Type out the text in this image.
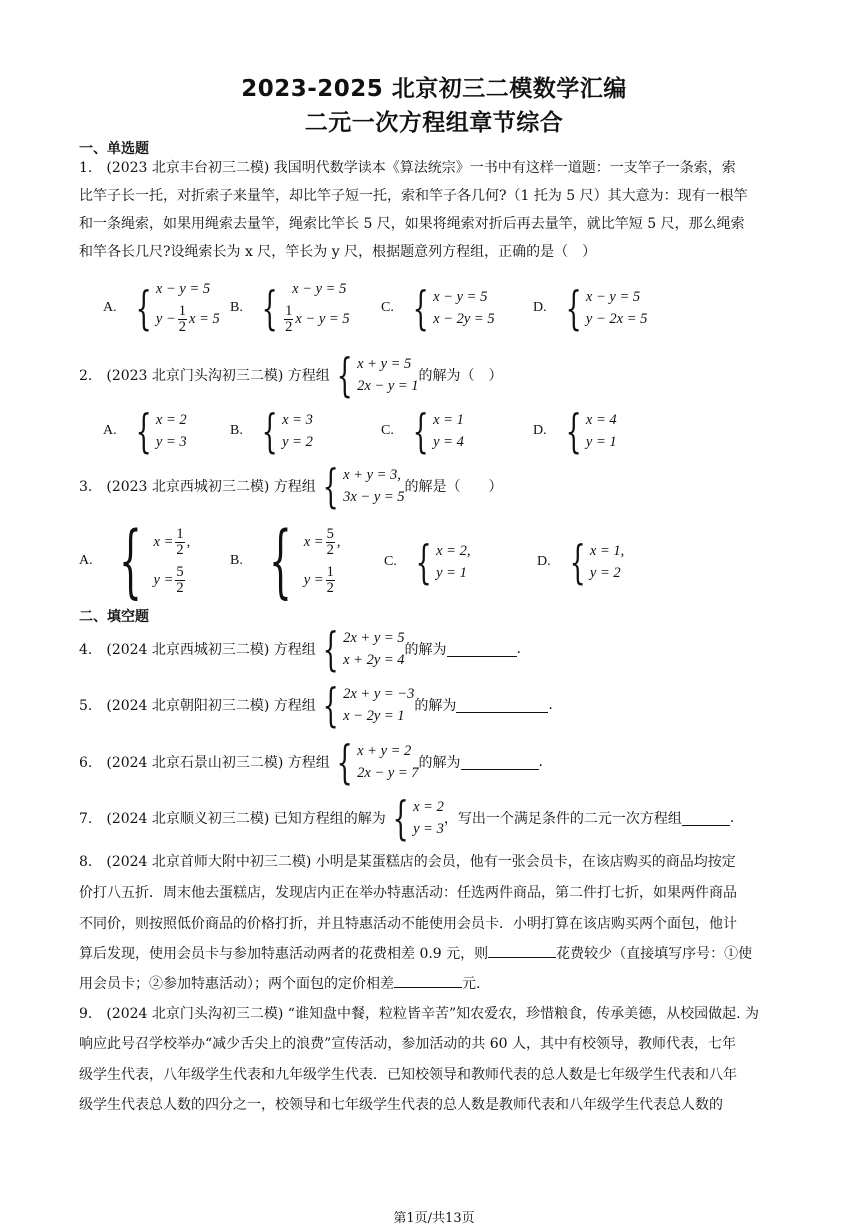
2023-2025 北京初三二模数学汇编
二元一次方程组章节综合
一、单选题
1.　(2023 北京丰台初三二模) 我国明代数学读本《算法统宗》一书中有这样一道题：一支竿子一条索，索
比竿子长一托，对折索子来量竿，却比竿子短一托，索和竿子各几何?（1 托为 5 尺）其大意为：现有一根竿
和一条绳索，如果用绳索去量竿，绳索比竿长 5 尺，如果将绳索对折后再去量竿，就比竿短 5 尺，那么绳索
和竿各长几尺?设绳索长为 x 尺，竿长为 y 尺，根据题意列方程组，正确的是（　）
A. { x − y = 5
$y - \frac{1}{2}$ x = 5
B. {	x − y = 5
$\frac{1}{2}$ x − y = 5
C. { x − y = 5
x − 2y = 5
D. { x − y = 5
y − 2x = 5
2.　(2023 北京门头沟初三二模) 方程组 { x + y = 5
2x − y = 1
的解为（　）
A. { x = 2
y = 3
B. { x = 3
y = 2
C. { x = 1
y = 4
D. { x = 4
y = 1
3.　(2023 北京西城初三二模) 方程组 { x + y = 3,
3x − y = 5
的解是（　　）
A. { $x = \frac{1}{2}$ ,
$y = \frac{5}{2}$
B. { $x = \frac{5}{2}$ ,
$y = \frac{1}{2}$
C. { x = 2,
y = 1
D. { x = 1,
y = 2
二、填空题
4.　(2024 北京西城初三二模) 方程组 { 2x + y = 5
x + 2y = 4
的解为	.
5.　(2024 北京朝阳初三二模) 方程组 { 2x + y = −3
x − 2y = 1
的解为	.
6.　(2024 北京石景山初三二模) 方程组 { x + y = 2
2x − y = 7
的解为	.
7.　(2024 北京顺义初三二模) 已知方程组的解为 { x = 2
y = 3
，写出一个满足条件的二元一次方程组	.
8.　(2024 北京首师大附中初三二模) 小明是某蛋糕店的会员，他有一张会员卡，在该店购买的商品均按定
价打八五折．周末他去蛋糕店，发现店内正在举办特惠活动：任选两件商品，第二件打七折，如果两件商品
不同价，则按照低价商品的价格打折，并且特惠活动不能使用会员卡．小明打算在该店购买两个面包，他计
算后发现，使用会员卡与参加特惠活动两者的花费相差 0.9 元，则	花费较少（直接填写序号：①使
用会员卡；②参加特惠活动）；两个面包的定价相差	元.
9.　(2024 北京门头沟初三二模) “谁知盘中餐，粒粒皆辛苦”知农爱农，珍惜粮食，传承美德，从校园做起. 为
响应此号召学校举办“减少舌尖上的浪费”宣传活动，参加活动的共 60 人，其中有校领导，教师代表，七年
级学生代表，八年级学生代表和九年级学生代表．已知校领导和教师代表的总人数是七年级学生代表和八年
级学生代表总人数的四分之一，校领导和七年级学生代表的总人数是教师代表和八年级学生代表总人数的
第1页/共13页
